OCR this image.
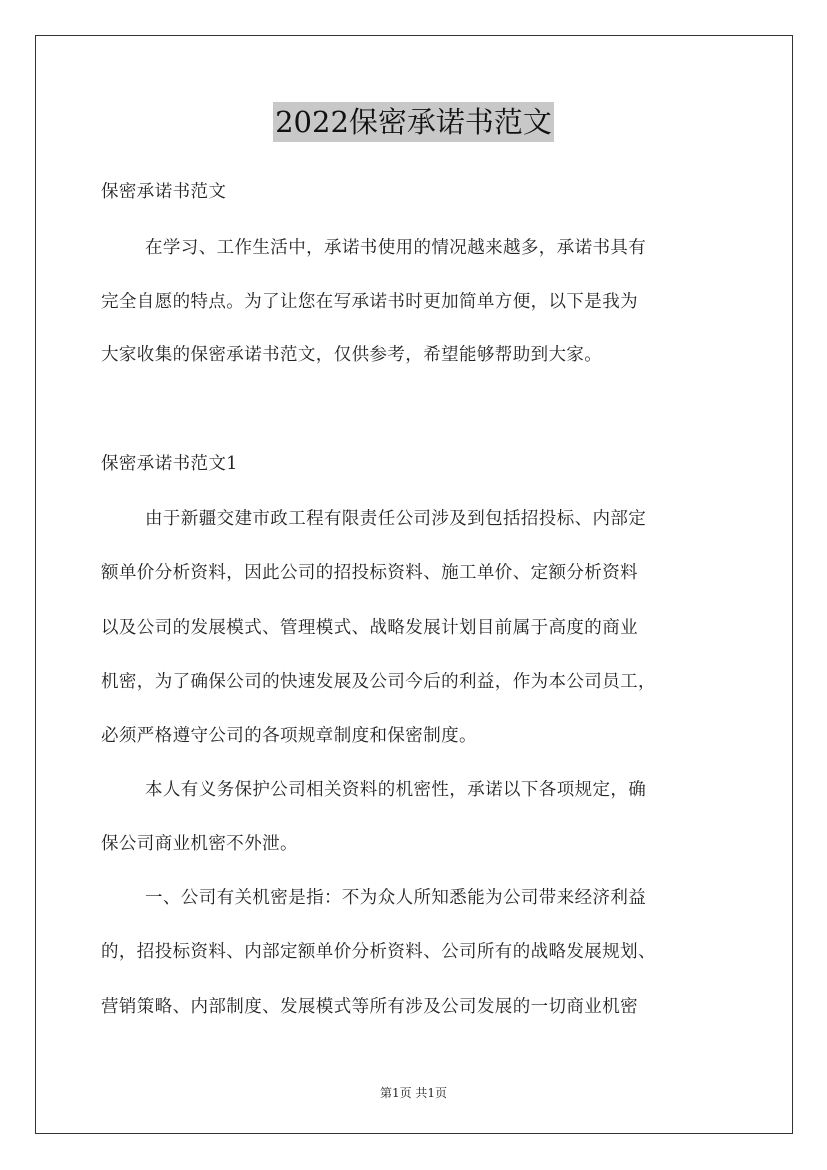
2022保密承诺书范文
保密承诺书范文
在学习、工作生活中，承诺书使用的情况越来越多，承诺书具有
完全自愿的特点。为了让您在写承诺书时更加简单方便，以下是我为
大家收集的保密承诺书范文，仅供参考，希望能够帮助到大家。
保密承诺书范文1
由于新疆交建市政工程有限责任公司涉及到包括招投标、内部定
额单价分析资料，因此公司的招投标资料、施工单价、定额分析资料
以及公司的发展模式、管理模式、战略发展计划目前属于高度的商业
机密，为了确保公司的快速发展及公司今后的利益，作为本公司员工，
必须严格遵守公司的各项规章制度和保密制度。
本人有义务保护公司相关资料的机密性，承诺以下各项规定，确
保公司商业机密不外泄。
一、公司有关机密是指：不为众人所知悉能为公司带来经济利益
的，招投标资料、内部定额单价分析资料、公司所有的战略发展规划、
营销策略、内部制度、发展模式等所有涉及公司发展的一切商业机密
第1页 共1页
